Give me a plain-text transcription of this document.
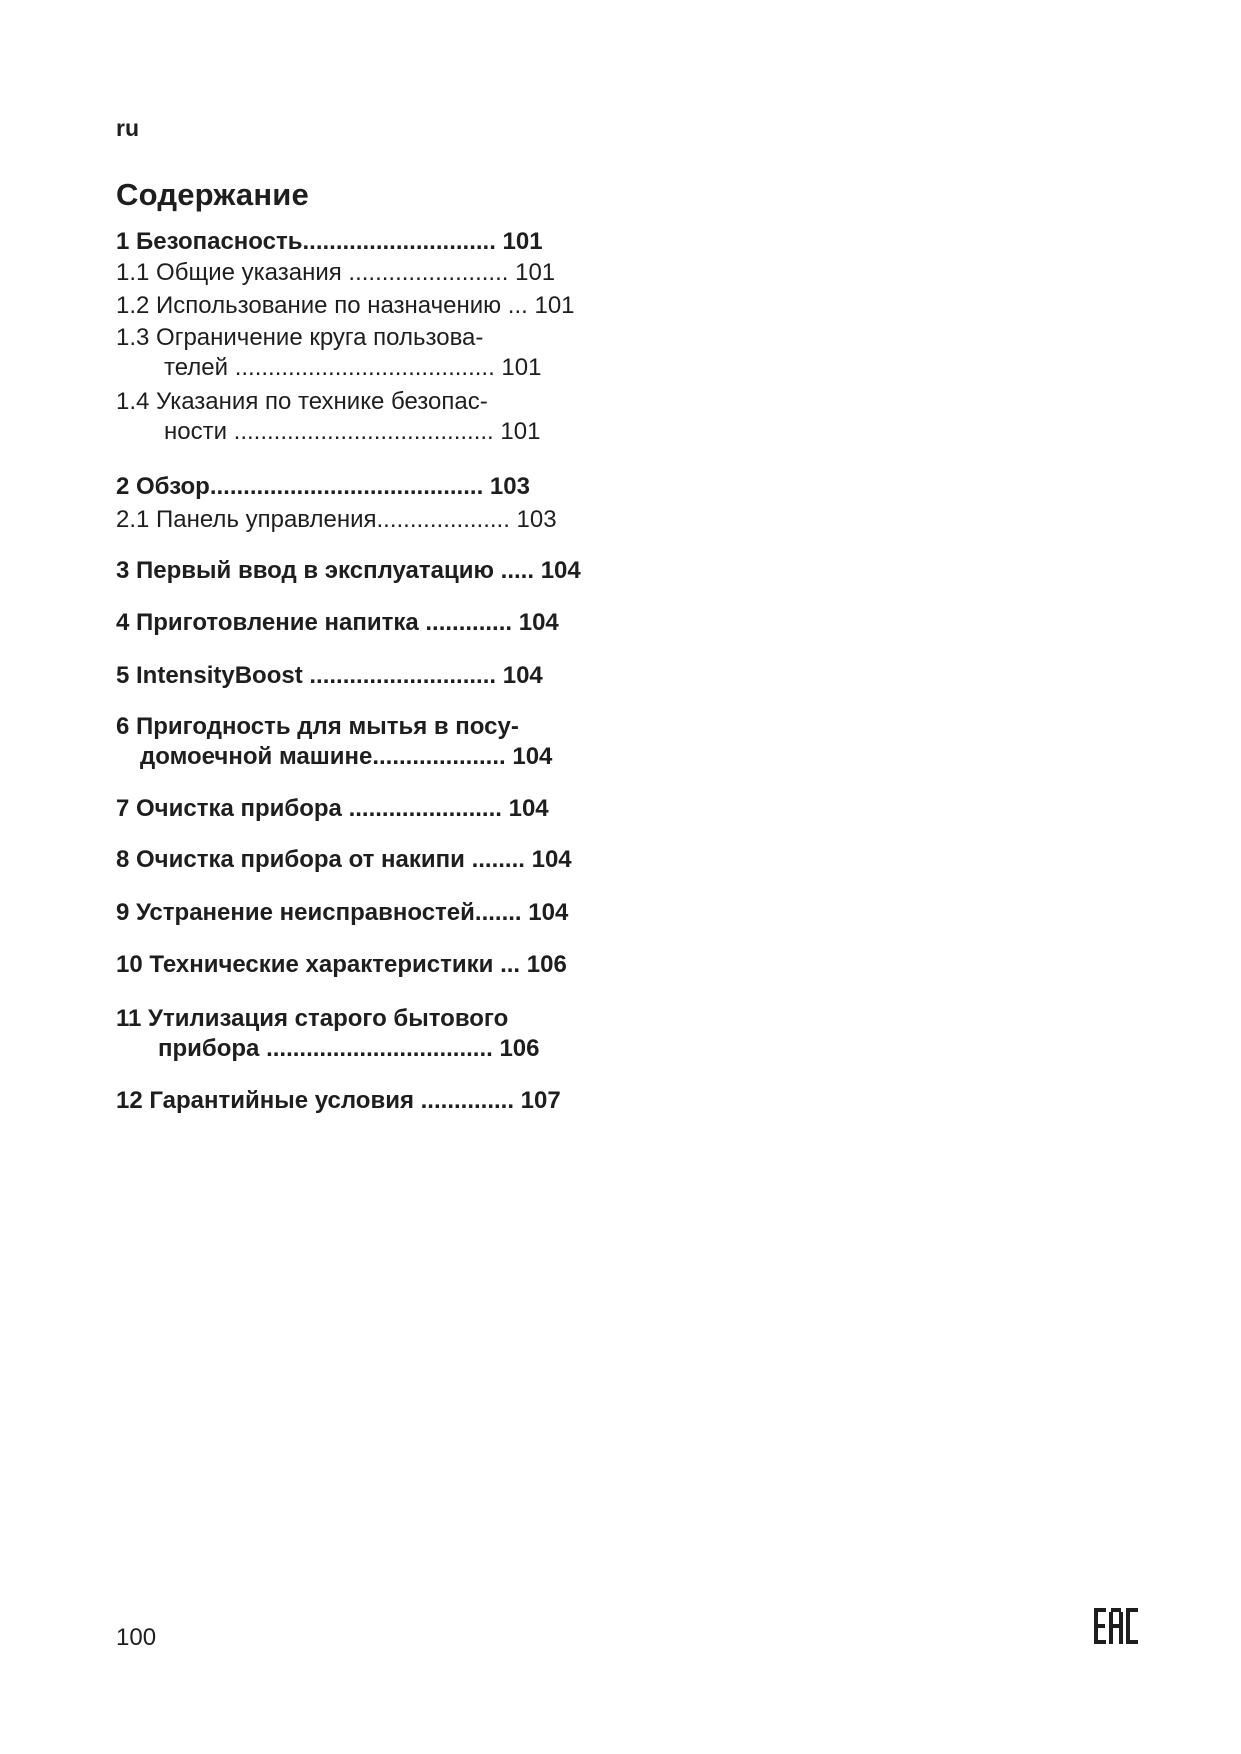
ru
Содержание
1 Безопасность............................. 101
1.1 Общие указания ........................ 101
1.2 Использование по назначению ... 101
1.3 Ограничение круга пользова-
телей ....................................... 101
1.4 Указания по технике безопас-
ности ....................................... 101
2 Обзор......................................... 103
2.1 Панель управления.................... 103
3 Первый ввод в эксплуатацию ..... 104
4 Приготовление напитка ............. 104
5 IntensityBoost ............................ 104
6 Пригодность для мытья в посу-
домоечной машине.................... 104
7 Очистка прибора ....................... 104
8 Очистка прибора от накипи ........ 104
9 Устранение неисправностей....... 104
10 Технические характеристики ... 106
11 Утилизация старого бытового
прибора .................................. 106
12 Гарантийные условия .............. 107
100
